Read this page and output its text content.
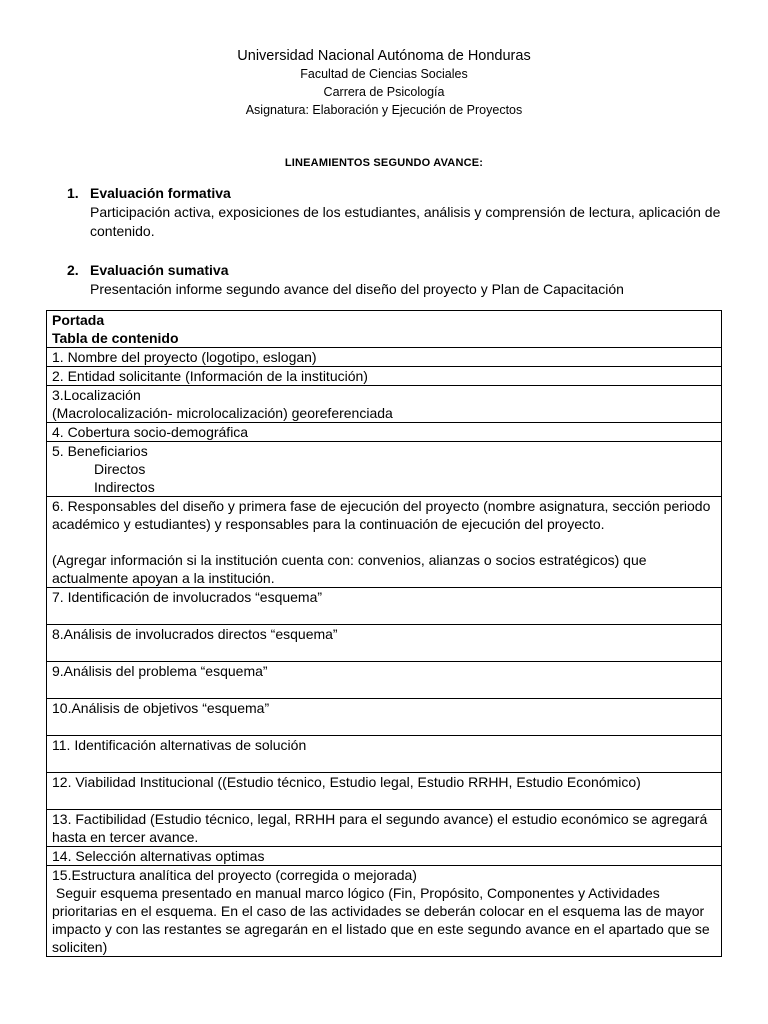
Universidad Nacional Autónoma de Honduras
Facultad de Ciencias Sociales
Carrera de Psicología
Asignatura: Elaboración y Ejecución de Proyectos
LINEAMIENTOS SEGUNDO AVANCE:
1. Evaluación formativa
Participación activa, exposiciones de los estudiantes, análisis y comprensión de lectura, aplicación de contenido.
2. Evaluación sumativa
Presentación informe segundo avance del diseño del proyecto y Plan de Capacitación
Portada
Tabla de contenido

1. Nombre del proyecto (logotipo, eslogan)
2. Entidad solicitante (Información de la institución)

3.Localización
(Macrolocalización- microlocalización) georeferenciada

4. Cobertura socio-demográfica

5. Beneficiarios
Directos
Indirectos

6. Responsables del diseño y primera fase de ejecución del proyecto (nombre asignatura, sección periodo académico y estudiantes) y responsables para la continuación de ejecución del proyecto.
(Agregar información si la institución cuenta con: convenios, alianzas o socios estratégicos) que actualmente apoyan a la institución.

7. Identificación de involucrados “esquema”
8.Análisis de involucrados directos “esquema”
9.Análisis del problema “esquema”
10.Análisis de objetivos “esquema”
11. Identificación alternativas de solución
12. Viabilidad Institucional ((Estudio técnico, Estudio legal, Estudio RRHH, Estudio Económico)
13. Factibilidad (Estudio técnico, legal, RRHH para el segundo avance) el estudio económico se agregará hasta en tercer avance.
14. Selección alternativas optimas

15.Estructura analítica del proyecto (corregida o mejorada)
Seguir esquema presentado en manual marco lógico (Fin, Propósito, Componentes y Actividades prioritarias en el esquema. En el caso de las actividades se deberán colocar en el esquema las de mayor impacto y con las restantes se agregarán en el listado que en este segundo avance en el apartado que se soliciten)
